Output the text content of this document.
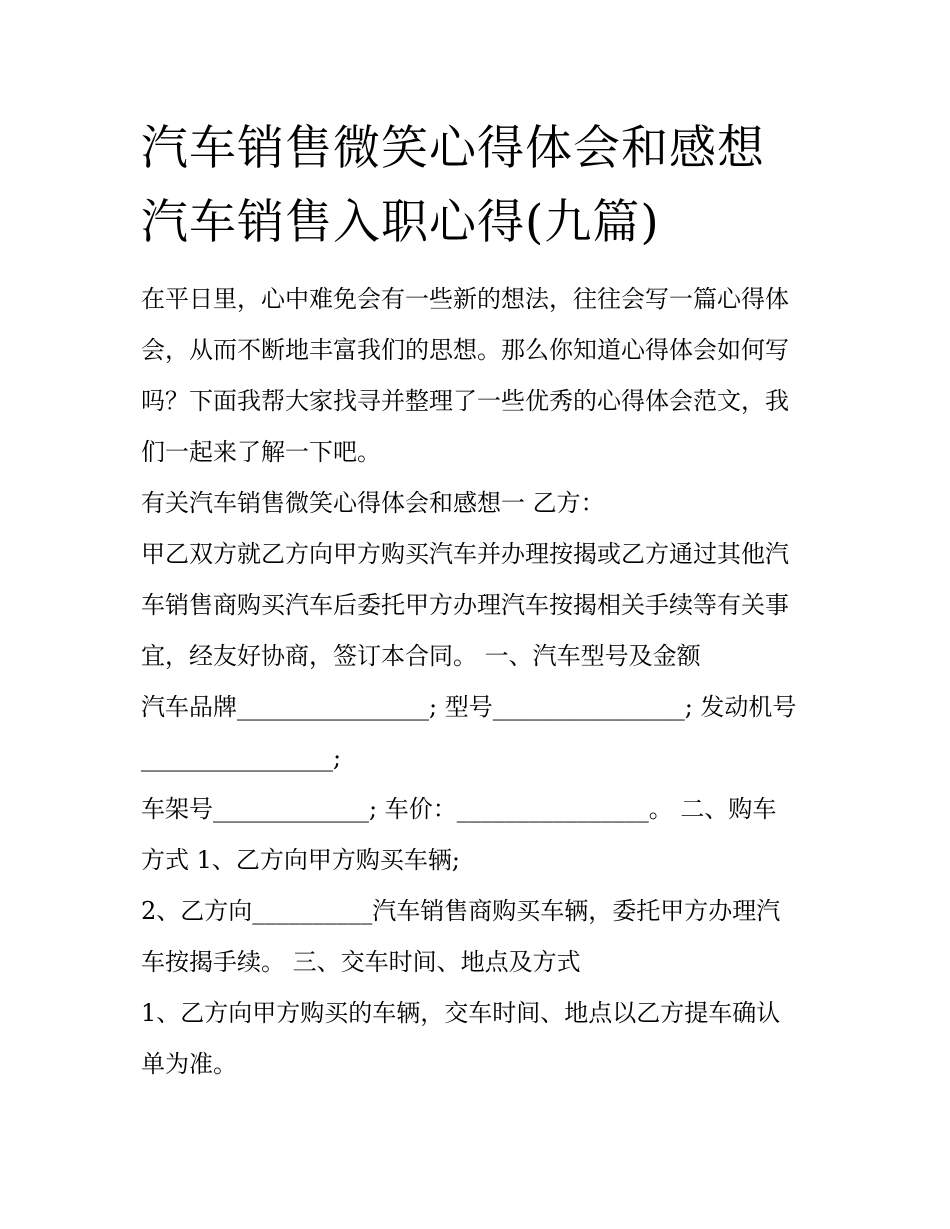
汽车销售微笑心得体会和感想
汽车销售入职心得(九篇)
在平日里，心中难免会有一些新的想法，往往会写一篇心得体
会，从而不断地丰富我们的思想。那么你知道心得体会如何写
吗？下面我帮大家找寻并整理了一些优秀的心得体会范文，我
们一起来了解一下吧。
有关汽车销售微笑心得体会和感想一 乙方：
甲乙双方就乙方向甲方购买汽车并办理按揭或乙方通过其他汽
车销售商购买汽车后委托甲方办理汽车按揭相关手续等有关事
宜，经友好协商，签订本合同。 一、汽车型号及金额
汽车品牌________________; 型号________________; 发动机号
________________;
车架号_____________; 车价：________________。 二、购车
方式 1、乙方向甲方购买车辆;
2、乙方向__________汽车销售商购买车辆，委托甲方办理汽
车按揭手续。 三、交车时间、地点及方式
1、乙方向甲方购买的车辆，交车时间、地点以乙方提车确认
单为准。
